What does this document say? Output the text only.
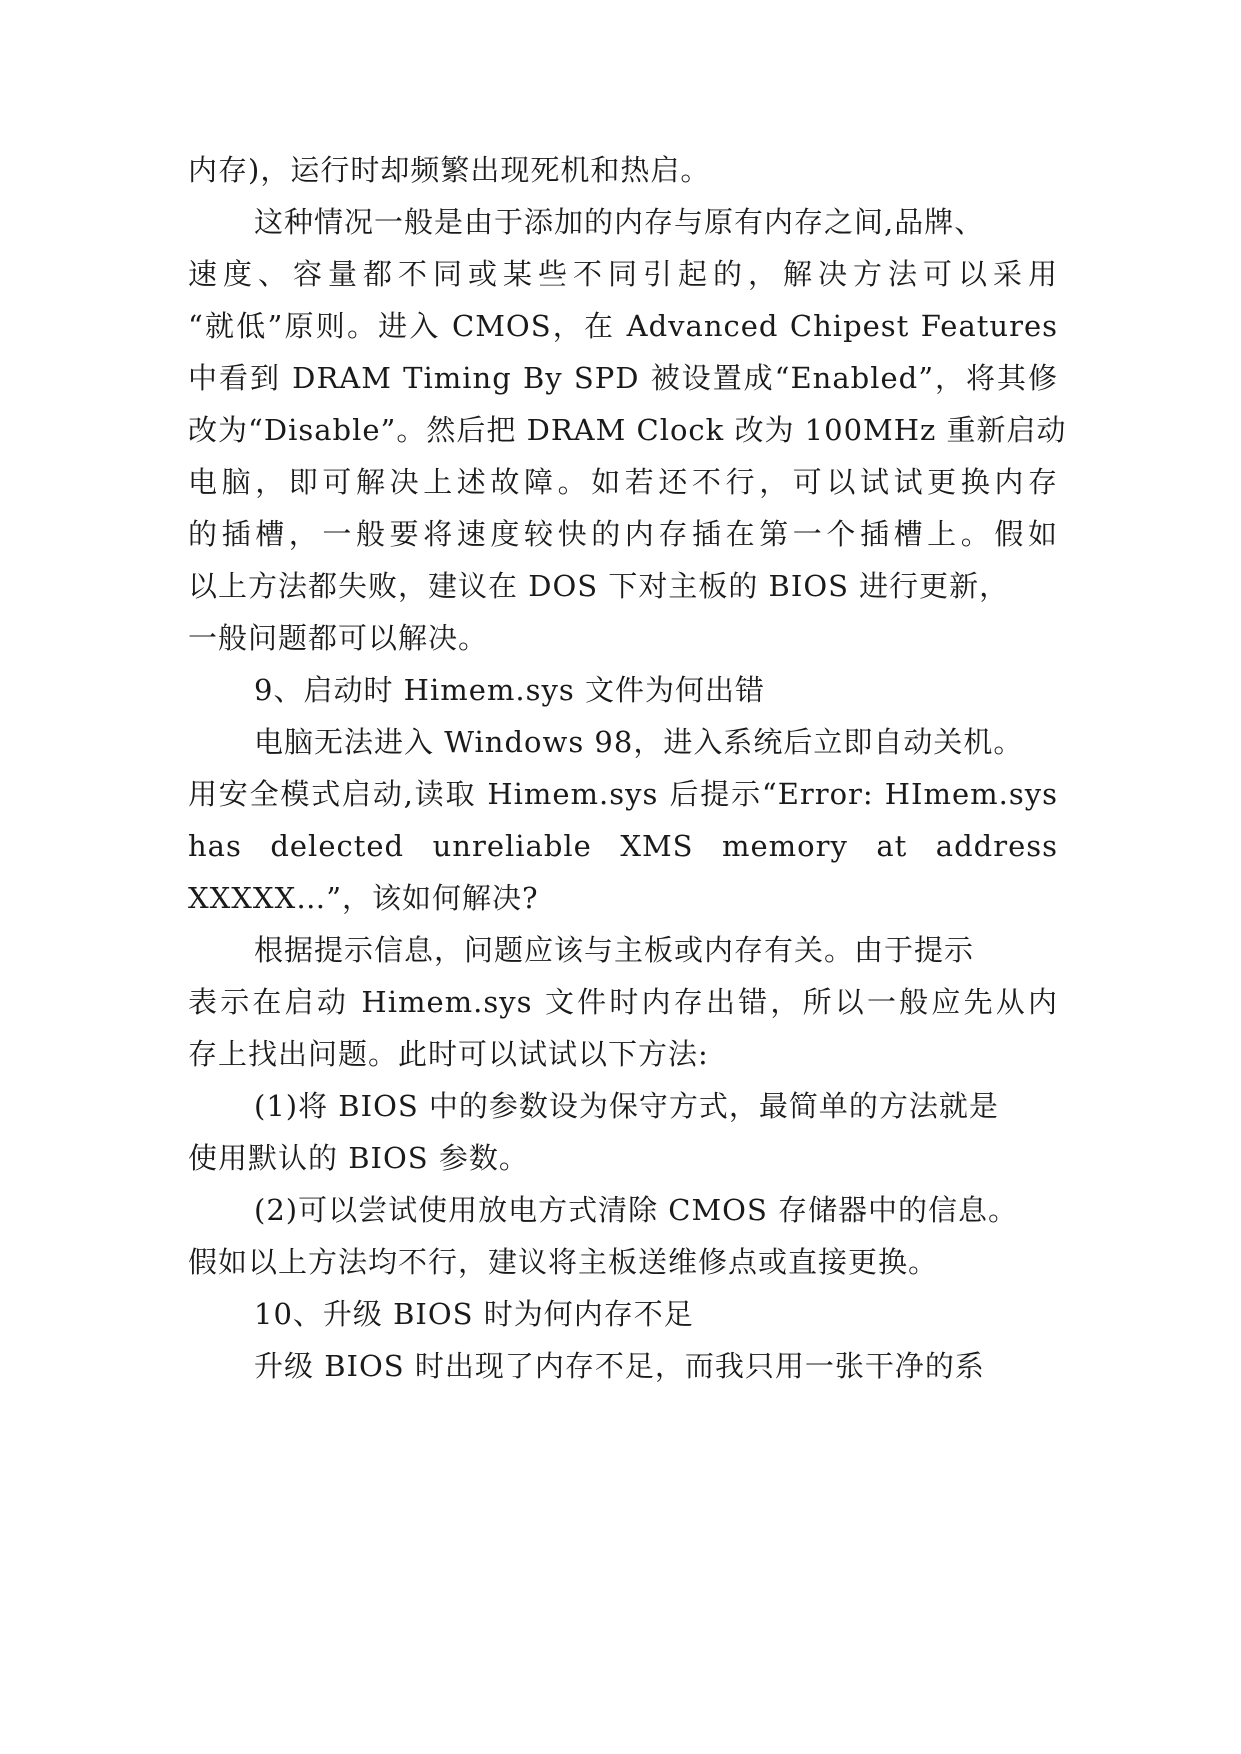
内存)，运行时却频繁出现死机和热启。
这种情况一般是由于添加的内存与原有内存之间,品牌、
速度、容量都不同或某些不同引起的，解决方法可以采用
“就低”原则。进入 CMOS，在 Advanced Chipest Features
中看到 DRAM Timing By SPD 被设置成“Enabled”，将其修
改为“Disable”。然后把 DRAM Clock 改为 100MHz 重新启动
电脑，即可解决上述故障。如若还不行，可以试试更换内存
的插槽，一般要将速度较快的内存插在第一个插槽上。假如
以上方法都失败，建议在 DOS 下对主板的 BIOS 进行更新，
一般问题都可以解决。
9、启动时 Himem.sys 文件为何出错
电脑无法进入 Windows 98，进入系统后立即自动关机。
用安全模式启动,读取 Himem.sys 后提示“Error: HImem.sys
has delected unreliable XMS memory at address
XXXXX…”，该如何解决?
根据提示信息，问题应该与主板或内存有关。由于提示
表示在启动 Himem.sys 文件时内存出错，所以一般应先从内
存上找出问题。此时可以试试以下方法:
(1)将 BIOS 中的参数设为保守方式，最简单的方法就是
使用默认的 BIOS 参数。
(2)可以尝试使用放电方式清除 CMOS 存储器中的信息。
假如以上方法均不行，建议将主板送维修点或直接更换。
10、升级 BIOS 时为何内存不足
升级 BIOS 时出现了内存不足，而我只用一张干净的系
